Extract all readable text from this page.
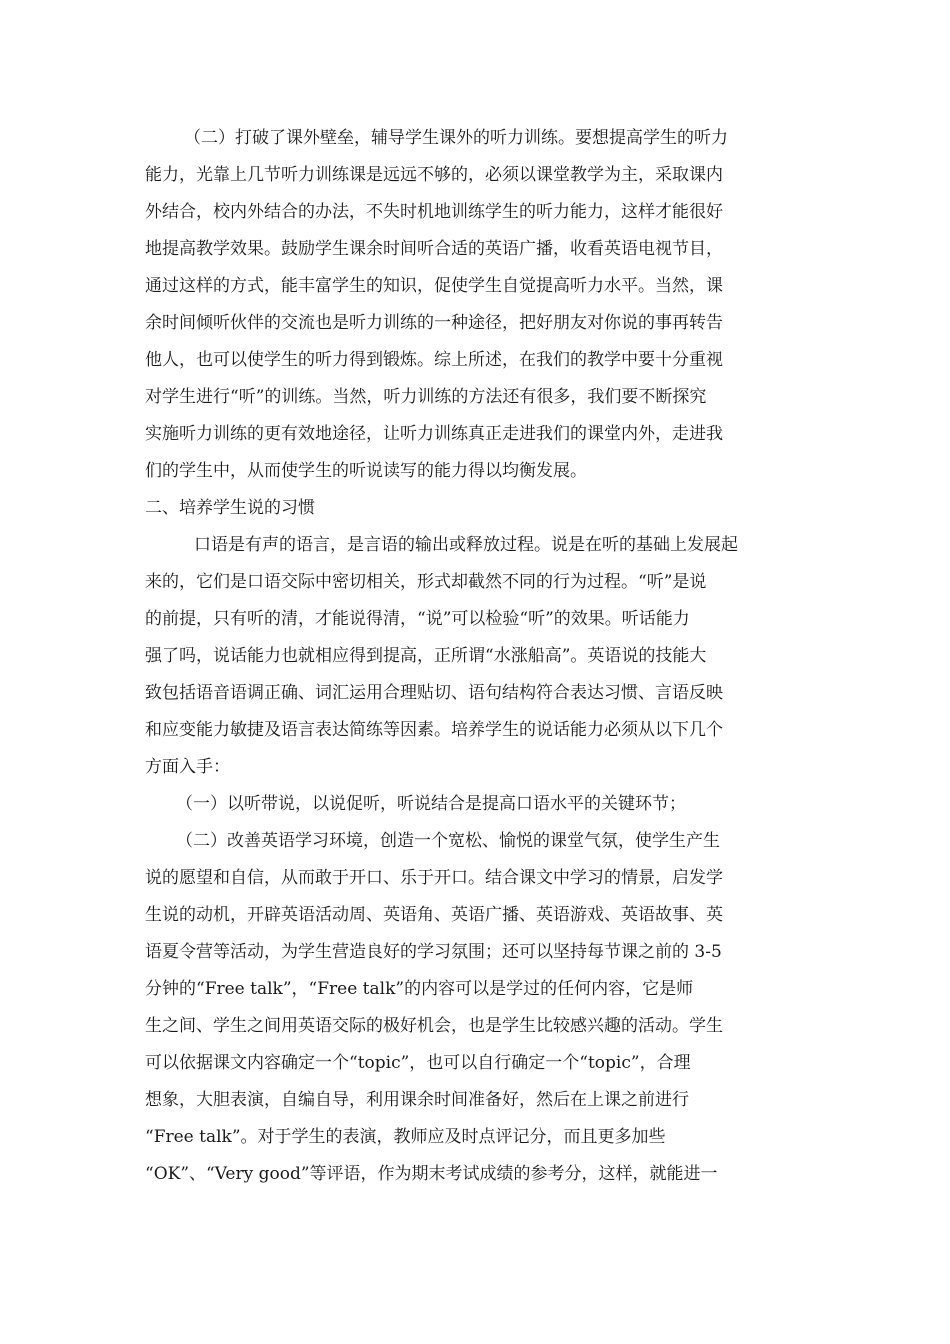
（二）打破了课外壁垒，辅导学生课外的听力训练。要想提高学生的听力

能力，光靠上几节听力训练课是远远不够的，必须以课堂教学为主，采取课内

外结合，校内外结合的办法，不失时机地训练学生的听力能力，这样才能很好

地提高教学效果。鼓励学生课余时间听合适的英语广播，收看英语电视节目，

通过这样的方式，能丰富学生的知识，促使学生自觉提高听力水平。当然，课

余时间倾听伙伴的交流也是听力训练的一种途径，把好朋友对你说的事再转告

他人，也可以使学生的听力得到锻炼。综上所述，在我们的教学中要十分重视

对学生进行“听”的训练。当然，听力训练的方法还有很多，我们要不断探究

实施听力训练的更有效地途径，让听力训练真正走进我们的课堂内外，走进我

们的学生中，从而使学生的听说读写的能力得以均衡发展。

二、培养学生说的习惯

口语是有声的语言，是言语的输出或释放过程。说是在听的基础上发展起

来的，它们是口语交际中密切相关，形式却截然不同的行为过程。“听”是说

的前提，只有听的清，才能说得清，“说”可以检验“听”的效果。听话能力

强了吗，说话能力也就相应得到提高，正所谓“水涨船高”。英语说的技能大

致包括语音语调正确、词汇运用合理贴切、语句结构符合表达习惯、言语反映

和应变能力敏捷及语言表达简练等因素。培养学生的说话能力必须从以下几个

方面入手：

（一）以听带说，以说促听，听说结合是提高口语水平的关键环节；

（二）改善英语学习环境，创造一个宽松、愉悦的课堂气氛，使学生产生

说的愿望和自信，从而敢于开口、乐于开口。结合课文中学习的情景，启发学

生说的动机，开辟英语活动周、英语角、英语广播、英语游戏、英语故事、英

语夏令营等活动，为学生营造良好的学习氛围；还可以坚持每节课之前的 3-5

分钟的“Free talk”，“Free talk”的内容可以是学过的任何内容，它是师

生之间、学生之间用英语交际的极好机会，也是学生比较感兴趣的活动。学生

可以依据课文内容确定一个“topic”，也可以自行确定一个“topic”，合理

想象，大胆表演，自编自导，利用课余时间准备好，然后在上课之前进行

“Free talk”。对于学生的表演，教师应及时点评记分，而且更多加些

“OK”、“Very good”等评语，作为期末考试成绩的参考分，这样，就能进一
